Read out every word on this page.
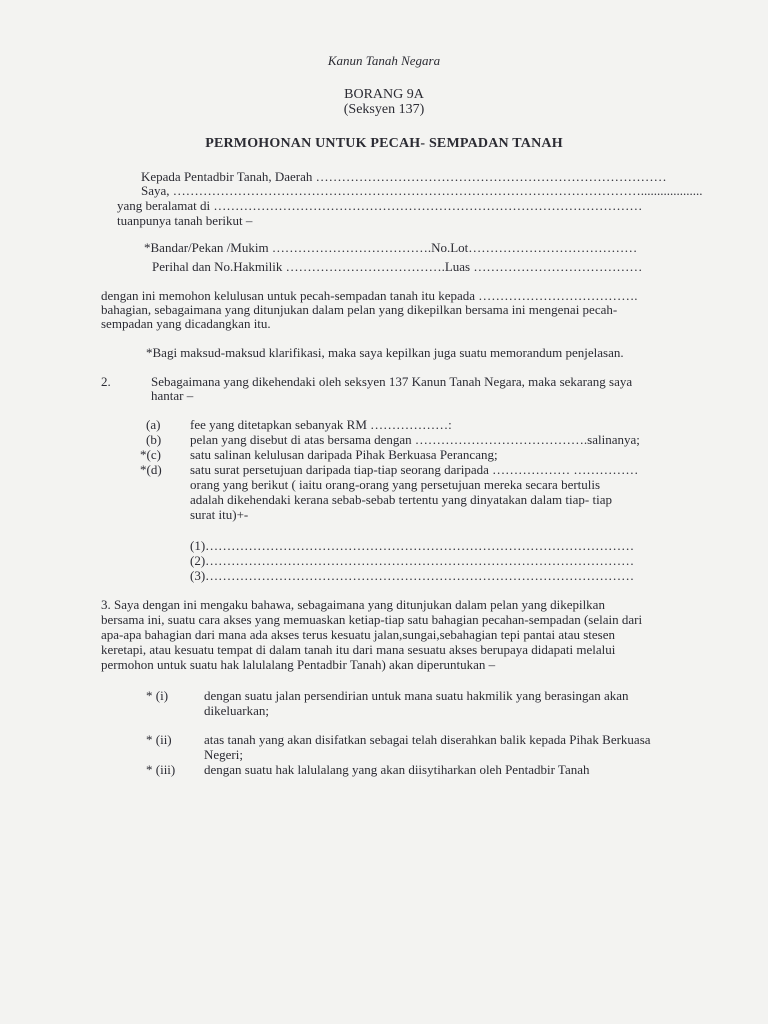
Kanun Tanah Negara
BORANG 9A
(Seksyen 137)
PERMOHONAN UNTUK PECAH- SEMPADAN TANAH
Kepada Pentadbir Tanah, Daerah ………………………………………………………………………
Saya, ………………………………………………………………………………………………...................
yang beralamat di ………………………………………………………………………………………
tuanpunya tanah berikut –
*Bandar/Pekan /Mukim ……………………………….No.Lot…………………………………
Perihal dan No.Hakmilik ……………………………….Luas …………………………………
dengan ini memohon kelulusan untuk pecah-sempadan tanah itu kepada ……………………………….
bahagian, sebagaimana yang ditunjukan dalam pelan yang dikepilkan bersama ini mengenai pecah-
sempadan yang dicadangkan itu.
*Bagi maksud-maksud klarifikasi, maka saya kepilkan juga suatu memorandum penjelasan.
2.	Sebagaimana yang dikehendaki oleh seksyen 137 Kanun Tanah Negara, maka sekarang saya
hantar –
(a) fee yang ditetapkan sebanyak RM ………………:
(b) pelan yang disebut di atas bersama dengan ………………………………….salinanya;
*(c) satu salinan kelulusan daripada Pihak Berkuasa Perancang;
*(d) satu surat persetujuan daripada tiap-tiap seorang daripada ……………… ……………
orang yang berikut ( iaitu orang-orang yang persetujuan mereka secara bertulis
adalah dikehendaki kerana sebab-sebab tertentu yang dinyatakan dalam tiap- tiap
surat itu)+-
(1)………………………………………………………………………………………
(2)………………………………………………………………………………………
(3)………………………………………………………………………………………
3. Saya dengan ini mengaku bahawa, sebagaimana yang ditunjukan dalam pelan yang dikepilkan
bersama ini, suatu cara akses yang memuaskan ketiap-tiap satu bahagian pecahan-sempadan (selain dari
apa-apa bahagian dari mana ada akses terus kesuatu jalan,sungai,sebahagian tepi pantai atau stesen
keretapi, atau kesuatu tempat di dalam tanah itu dari mana sesuatu akses berupaya didapati melalui
permohon untuk suatu hak lalulalang Pentadbir Tanah) akan diperuntukan –
* (i)	dengan suatu jalan persendirian untuk mana suatu hakmilik yang berasingan akan
dikeluarkan;
* (ii) atas tanah yang akan disifatkan sebagai telah diserahkan balik kepada Pihak Berkuasa
Negeri;
* (iii) dengan suatu hak lalulalang yang akan diisytiharkan oleh Pentadbir Tanah
